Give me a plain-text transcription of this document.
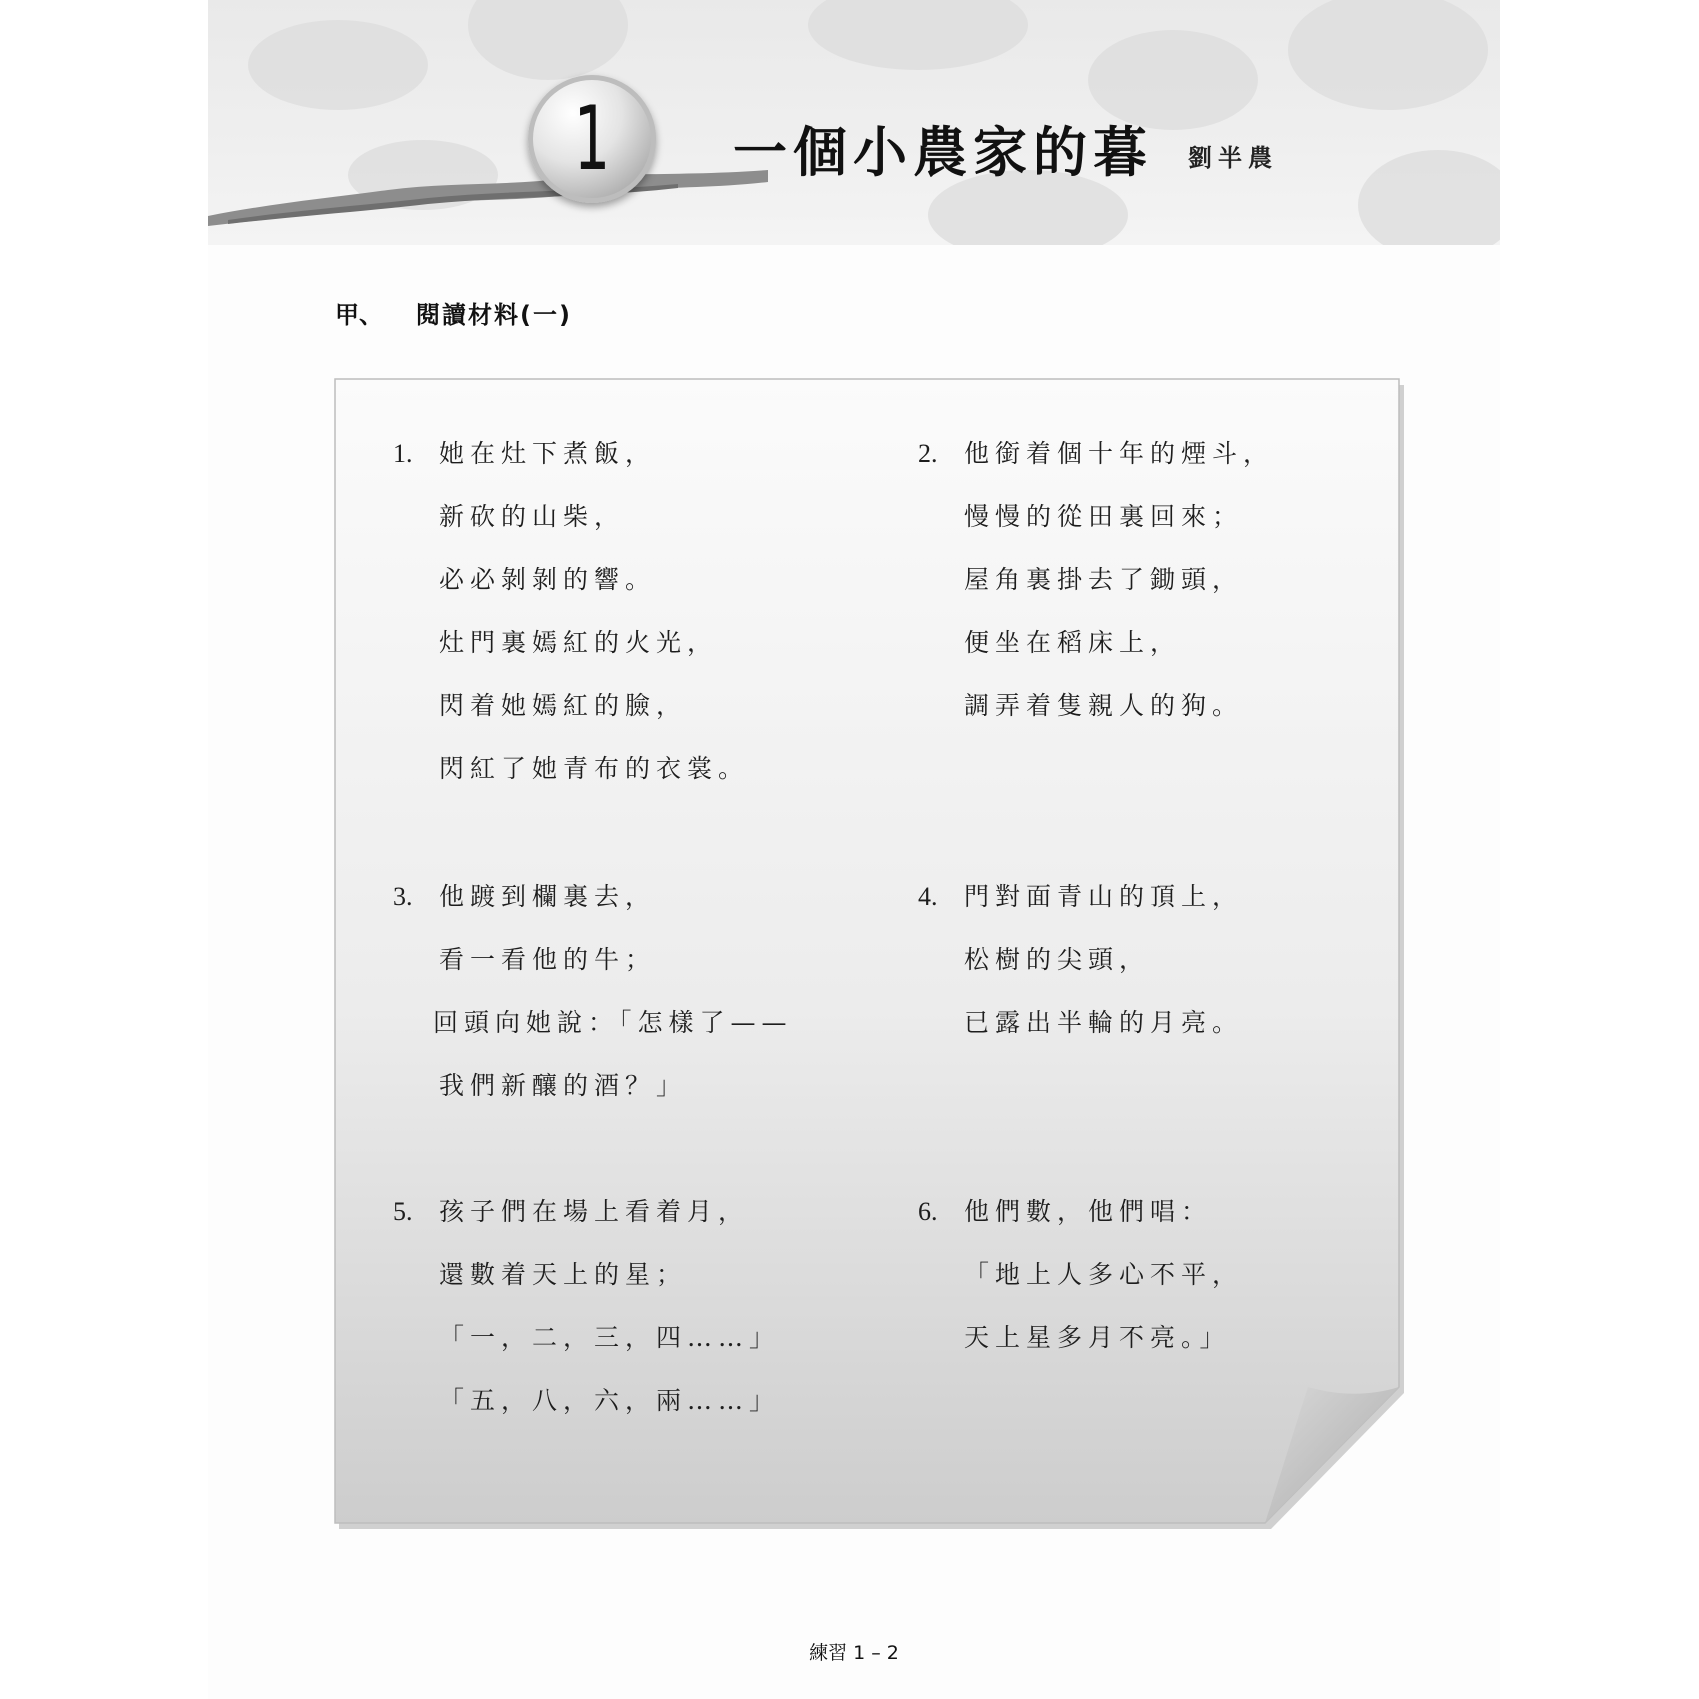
1 一個小農家的暮 劉半農
甲、 閱讀材料(一)
1. 她在灶下煮飯，
新砍的山柴，
必必剝剝的響。
灶門裏嫣紅的火光，
閃着她嫣紅的臉，
閃紅了她青布的衣裳。
2. 他銜着個十年的煙斗，
慢慢的從田裏回來；
屋角裏掛去了鋤頭，
便坐在稻床上，
調弄着隻親人的狗。
3. 他踱到欄裏去，
看一看他的牛；
回頭向她說：「怎樣了——
我們新釀的酒？」
4. 門對面青山的頂上，
松樹的尖頭，
已露出半輪的月亮。
5. 孩子們在場上看着月，
還數着天上的星；
「一，二，三，四……」
「五，八，六，兩……」
6. 他們數，他們唱：
「地上人多心不平，
天上星多月不亮。」
練習 1 – 2
